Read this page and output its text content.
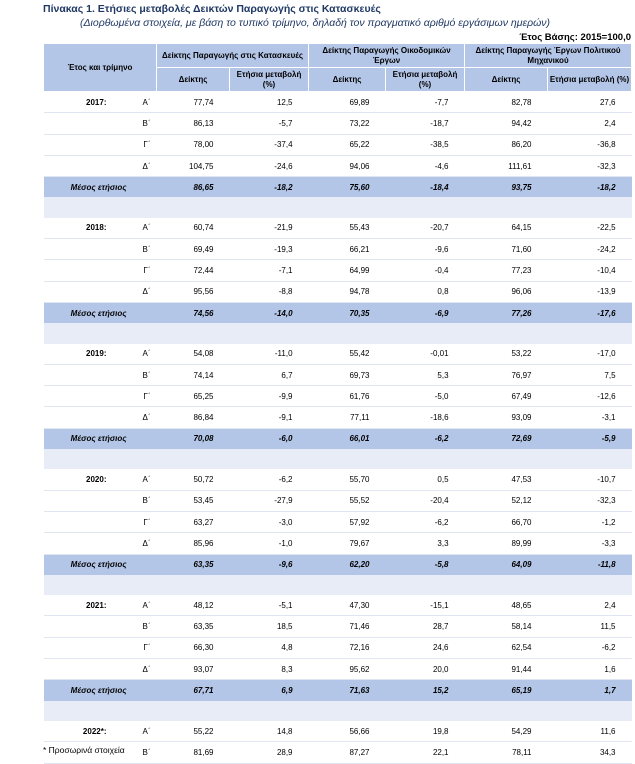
Πίνακας 1. Ετήσιες μεταβολές Δεικτών Παραγωγής στις Κατασκευές
(Διορθωμένα στοιχεία, με βάση το τυπικό τρίμηνο, δηλαδή τον πραγματικό αριθμό εργάσιμων ημερών)
Έτος Βάσης: 2015=100,0
Έτος και τρίμηνο	Δείκτης Παραγωγής στις Κατασκευές		Δείκτης Παραγωγής Οικοδομικών Έργων		Δείκτης Παραγωγής Έργων Πολιτικού Μηχανικού	
	Δείκτης	Ετήσια μεταβολή (%)	Δείκτης	Ετήσια μεταβολή (%)	Δείκτης	Ετήσια μεταβολή (%)
2017: Α΄	77,74	12,5	69,89	-7,7	82,78	27,6
Β΄	86,13	-5,7	73,22	-18,7	94,42	2,4
Γ΄	78,00	-37,4	65,22	-38,5	86,20	-36,8
Δ΄	104,75	-24,6	94,06	-4,6	111,61	-32,3
Μέσος ετήσιος	86,65	-18,2	75,60	-18,4	93,75	-18,2

2018: Α΄	60,74	-21,9	55,43	-20,7	64,15	-22,5
Β΄	69,49	-19,3	66,21	-9,6	71,60	-24,2
Γ΄	72,44	-7,1	64,99	-0,4	77,23	-10,4
Δ΄	95,56	-8,8	94,78	0,8	96,06	-13,9
Μέσος ετήσιος	74,56	-14,0	70,35	-6,9	77,26	-17,6

2019: Α΄	54,08	-11,0	55,42	-0,01	53,22	-17,0
Β΄	74,14	6,7	69,73	5,3	76,97	7,5
Γ΄	65,25	-9,9	61,76	-5,0	67,49	-12,6
Δ΄	86,84	-9,1	77,11	-18,6	93,09	-3,1
Μέσος ετήσιος	70,08	-6,0	66,01	-6,2	72,69	-5,9

2020: Α΄	50,72	-6,2	55,70	0,5	47,53	-10,7
Β΄	53,45	-27,9	55,52	-20,4	52,12	-32,3
Γ΄	63,27	-3,0	57,92	-6,2	66,70	-1,2
Δ΄	85,96	-1,0	79,67	3,3	89,99	-3,3
Μέσος ετήσιος	63,35	-9,6	62,20	-5,8	64,09	-11,8

2021: Α΄	48,12	-5,1	47,30	-15,1	48,65	2,4
Β΄	63,35	18,5	71,46	28,7	58,14	11,5
Γ΄	66,30	4,8	72,16	24,6	62,54	-6,2
Δ΄	93,07	8,3	95,62	20,0	91,44	1,6
Μέσος ετήσιος	67,71	6,9	71,63	15,2	65,19	1,7

2022*: Α΄	55,22	14,8	56,66	19,8	54,29	11,6
Β΄	81,69	28,9	87,27	22,1	78,11	34,3
* Προσωρινά στοιχεία
